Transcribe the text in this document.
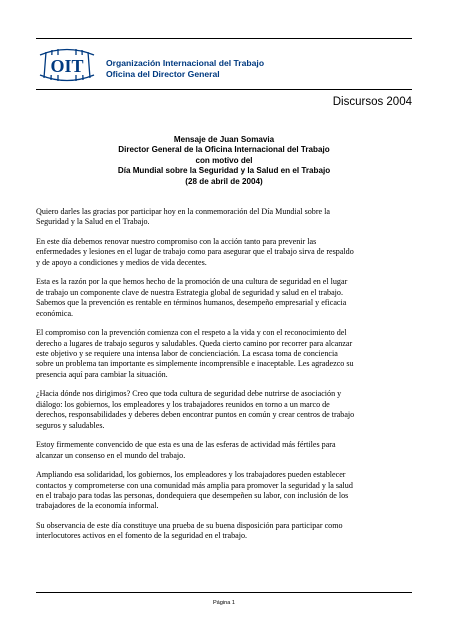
OIT	Organización Internacional del Trabajo
Oficina del Director General
Discursos 2004
Mensaje de Juan Somavia
Director General de la Oficina Internacional del Trabajo
con motivo del
Día Mundial sobre la Seguridad y la Salud en el Trabajo
(28 de abril de 2004)

Quiero darles las gracias por participar hoy en la conmemoración del Día Mundial sobre la
Seguridad y la Salud en el Trabajo.

En este día debemos renovar nuestro compromiso con la acción tanto para prevenir las
enfermedades y lesiones en el lugar de trabajo como para asegurar que el trabajo sirva de respaldo
y de apoyo a condiciones y medios de vida decentes.

Esta es la razón por la que hemos hecho de la promoción de una cultura de seguridad en el lugar
de trabajo un componente clave de nuestra Estrategia global de seguridad y salud en el trabajo.
Sabemos que la prevención es rentable en términos humanos, desempeño empresarial y eficacia
económica.

El compromiso con la prevención comienza con el respeto a la vida y con el reconocimiento del
derecho a lugares de trabajo seguros y saludables. Queda cierto camino por recorrer para alcanzar
este objetivo y se requiere una intensa labor de concienciación. La escasa toma de conciencia
sobre un problema tan importante es simplemente incomprensible e inaceptable. Les agradezco su
presencia aquí para cambiar la situación.

¿Hacia dónde nos dirigimos? Creo que toda cultura de seguridad debe nutrirse de asociación y
diálogo: los gobiernos, los empleadores y los trabajadores reunidos en torno a un marco de
derechos, responsabilidades y deberes deben encontrar puntos en común y crear centros de trabajo
seguros y saludables.

Estoy firmemente convencido de que esta es una de las esferas de actividad más fértiles para
alcanzar un consenso en el mundo del trabajo.

Ampliando esa solidaridad, los gobiernos, los empleadores y los trabajadores pueden establecer
contactos y comprometerse con una comunidad más amplia para promover la seguridad y la salud
en el trabajo para todas las personas, dondequiera que desempeñen su labor, con inclusión de los
trabajadores de la economía informal.

Su observancia de este día constituye una prueba de su buena disposición para participar como
interlocutores activos en el fomento de la seguridad en el trabajo.

Página 1
